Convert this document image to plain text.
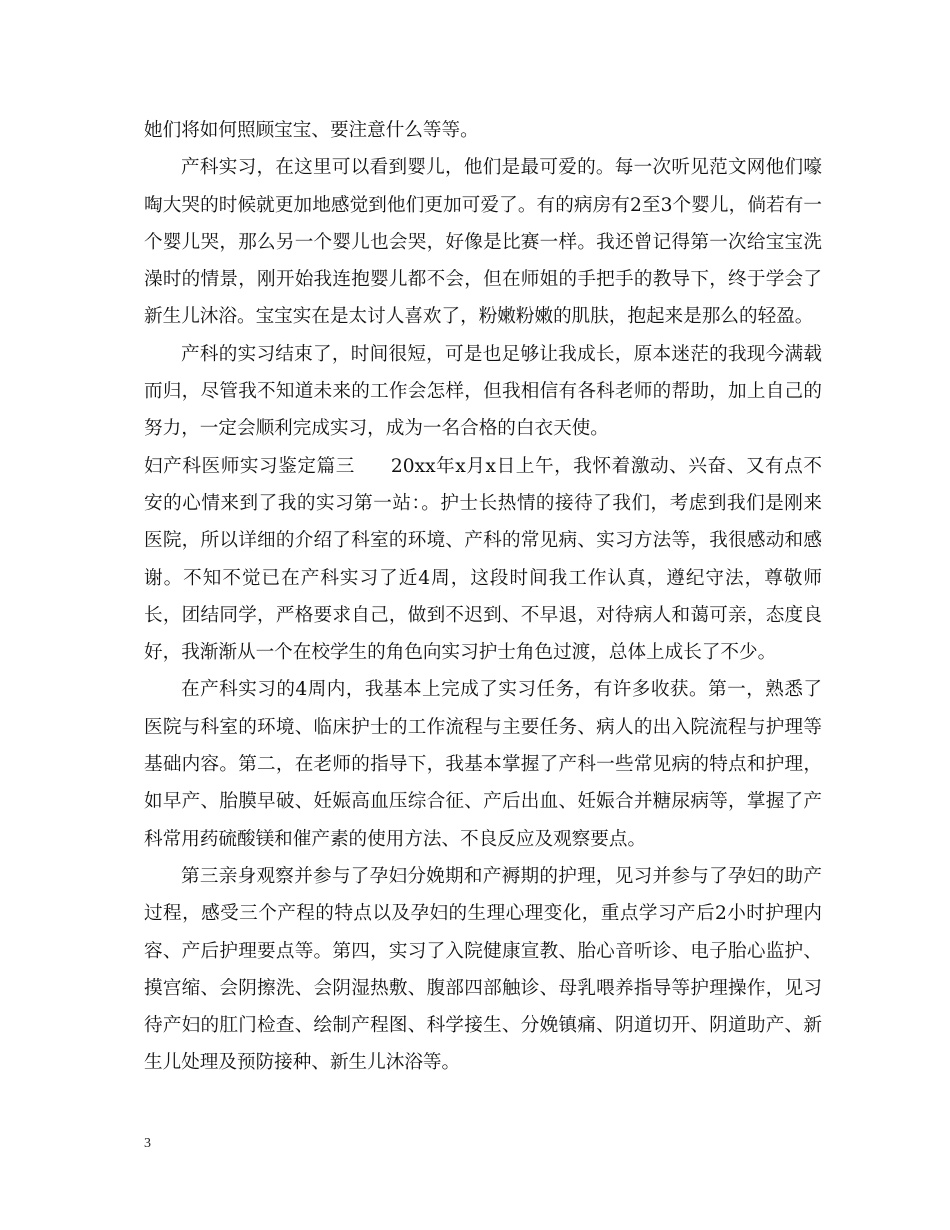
她们将如何照顾宝宝、要注意什么等等。

产科实习，在这里可以看到婴儿，他们是最可爱的。每一次听见范文网他们嚎啕大哭的时候就更加地感觉到他们更加可爱了。有的病房有2至3个婴儿，倘若有一个婴儿哭，那么另一个婴儿也会哭，好像是比赛一样。我还曾记得第一次给宝宝洗澡时的情景，刚开始我连抱婴儿都不会，但在师姐的手把手的教导下，终于学会了新生儿沐浴。宝宝实在是太讨人喜欢了，粉嫩粉嫩的肌肤，抱起来是那么的轻盈。

产科的实习结束了，时间很短，可是也足够让我成长，原本迷茫的我现今满载而归，尽管我不知道未来的工作会怎样，但我相信有各科老师的帮助，加上自己的努力，一定会顺利完成实习，成为一名合格的白衣天使。

妇产科医师实习鉴定篇三 20xx年x月x日上午，我怀着激动、兴奋、又有点不安的心情来到了我的实习第一站：。护士长热情的接待了我们，考虑到我们是刚来医院，所以详细的介绍了科室的环境、产科的常见病、实习方法等，我很感动和感谢。不知不觉已在产科实习了近4周，这段时间我工作认真，遵纪守法，尊敬师长，团结同学，严格要求自己，做到不迟到、不早退，对待病人和蔼可亲，态度良好，我渐渐从一个在校学生的角色向实习护士角色过渡，总体上成长了不少。

在产科实习的4周内，我基本上完成了实习任务，有许多收获。第一，熟悉了医院与科室的环境、临床护士的工作流程与主要任务、病人的出入院流程与护理等基础内容。第二，在老师的指导下，我基本掌握了产科一些常见病的特点和护理，如早产、胎膜早破、妊娠高血压综合征、产后出血、妊娠合并糖尿病等，掌握了产科常用药硫酸镁和催产素的使用方法、不良反应及观察要点。

第三亲身观察并参与了孕妇分娩期和产褥期的护理，见习并参与了孕妇的助产过程，感受三个产程的特点以及孕妇的生理心理变化，重点学习产后2小时护理内容、产后护理要点等。第四，实习了入院健康宣教、胎心音听诊、电子胎心监护、摸宫缩、会阴擦洗、会阴湿热敷、腹部四部触诊、母乳喂养指导等护理操作，见习待产妇的肛门检查、绘制产程图、科学接生、分娩镇痛、阴道切开、阴道助产、新生儿处理及预防接种、新生儿沐浴等。

3
